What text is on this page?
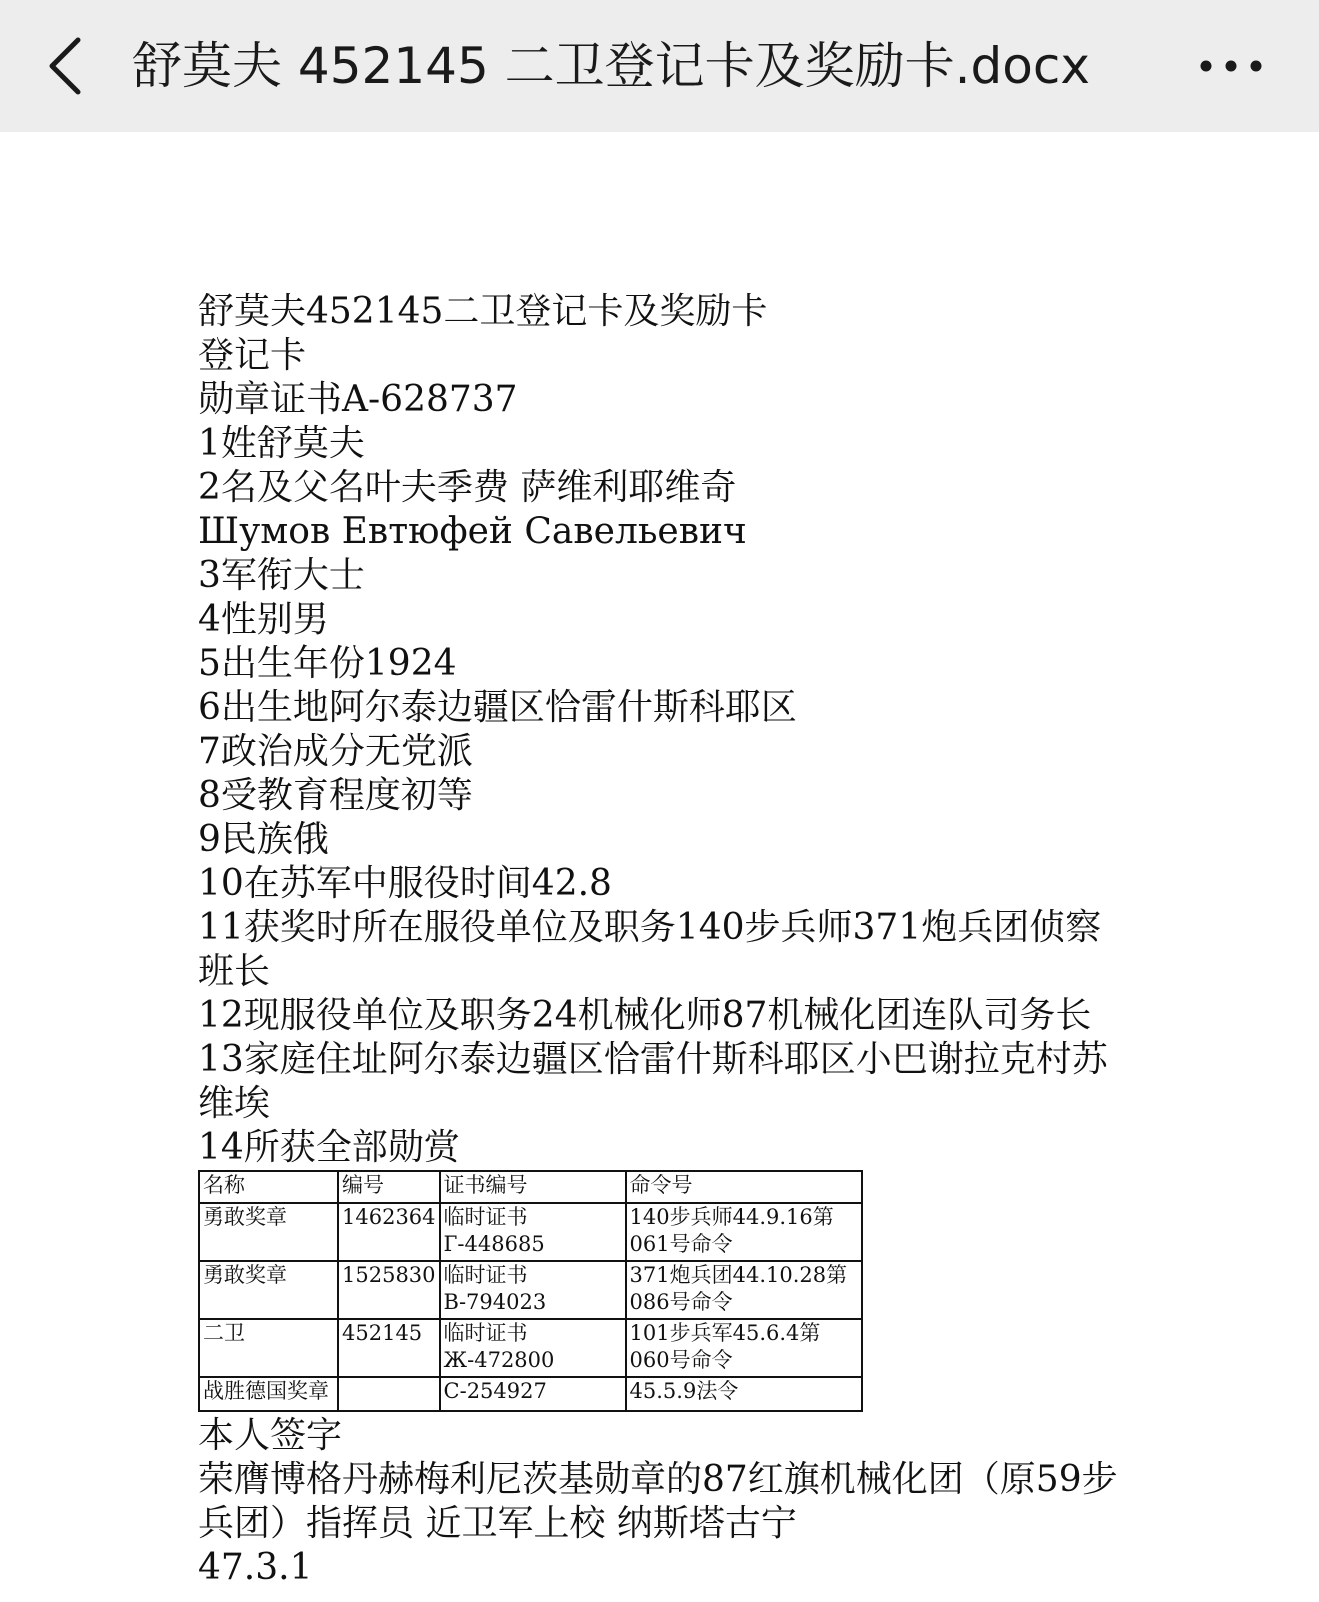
舒莫夫 452145 二卫登记卡及奖励卡.docx

舒莫夫452145二卫登记卡及奖励卡

登记卡

勋章证书A-628737

1姓舒莫夫

2名及父名叶夫季费 萨维利耶维奇

Шумов Евтюфей Савельевич

3军衔大士

4性别男

5出生年份1924

6出生地阿尔泰边疆区恰雷什斯科耶区

7政治成分无党派

8受教育程度初等

9民族俄

10在苏军中服役时间42.8

11获奖时所在服役单位及职务140步兵师371炮兵团侦察班长

12现服役单位及职务24机械化师87机械化团连队司务长

13家庭住址阿尔泰边疆区恰雷什斯科耶区小巴谢拉克村苏维埃

14所获全部勋赏

名称	编号	证书编号	命令号
勇敢奖章	1462364	临时证书Г-448685	140步兵师44.9.16第061号命令
勇敢奖章	1525830	临时证书В-794023	371炮兵团44.10.28第086号命令
二卫	452145	临时证书Ж-472800	101步兵军45.6.4第060号命令
战胜德国奖章		С-254927	45.5.9法令

本人签字

荣膺博格丹赫梅利尼茨基勋章的87红旗机械化团（原59步兵团）指挥员 近卫军上校 纳斯塔古宁

47.3.1
